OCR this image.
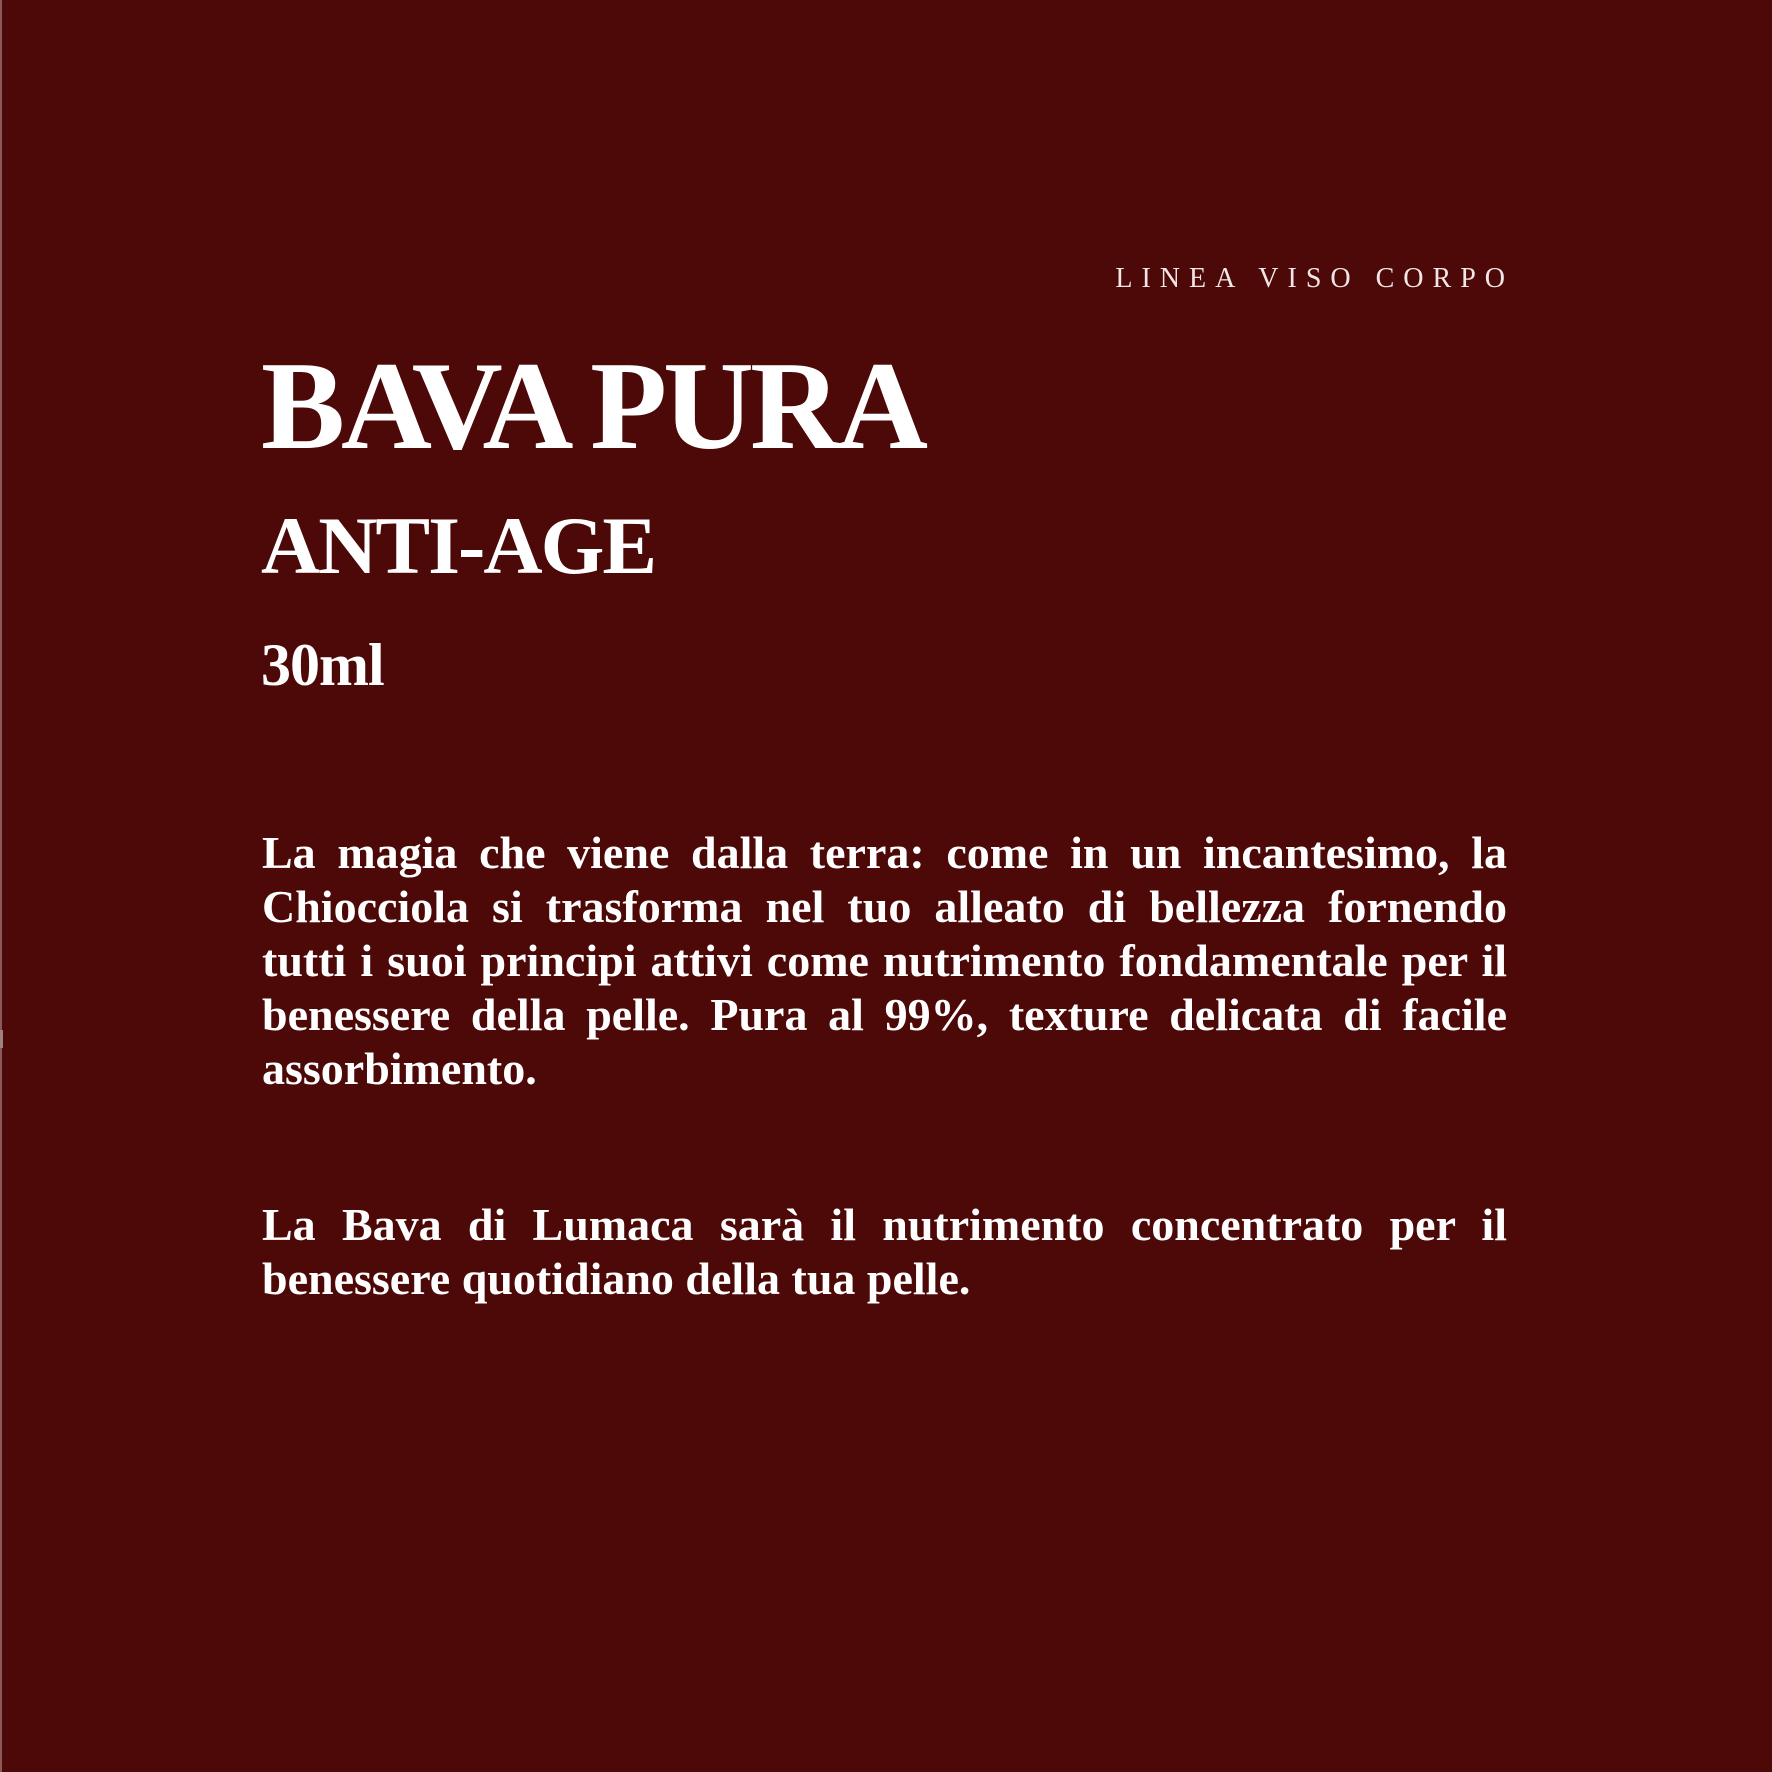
LINEA VISO CORPO
BAVA PURA
ANTI-AGE
30ml

La magia che viene dalla terra: come in un incantesimo, la Chiocciola si trasforma nel tuo alleato di bellezza fornendo tutti i suoi principi attivi come nutrimento fondamentale per il benessere della pelle. Pura al 99%, texture delicata di facile assorbimento.

La Bava di Lumaca sarà il nutrimento concentrato per il benessere quotidiano della tua pelle.
